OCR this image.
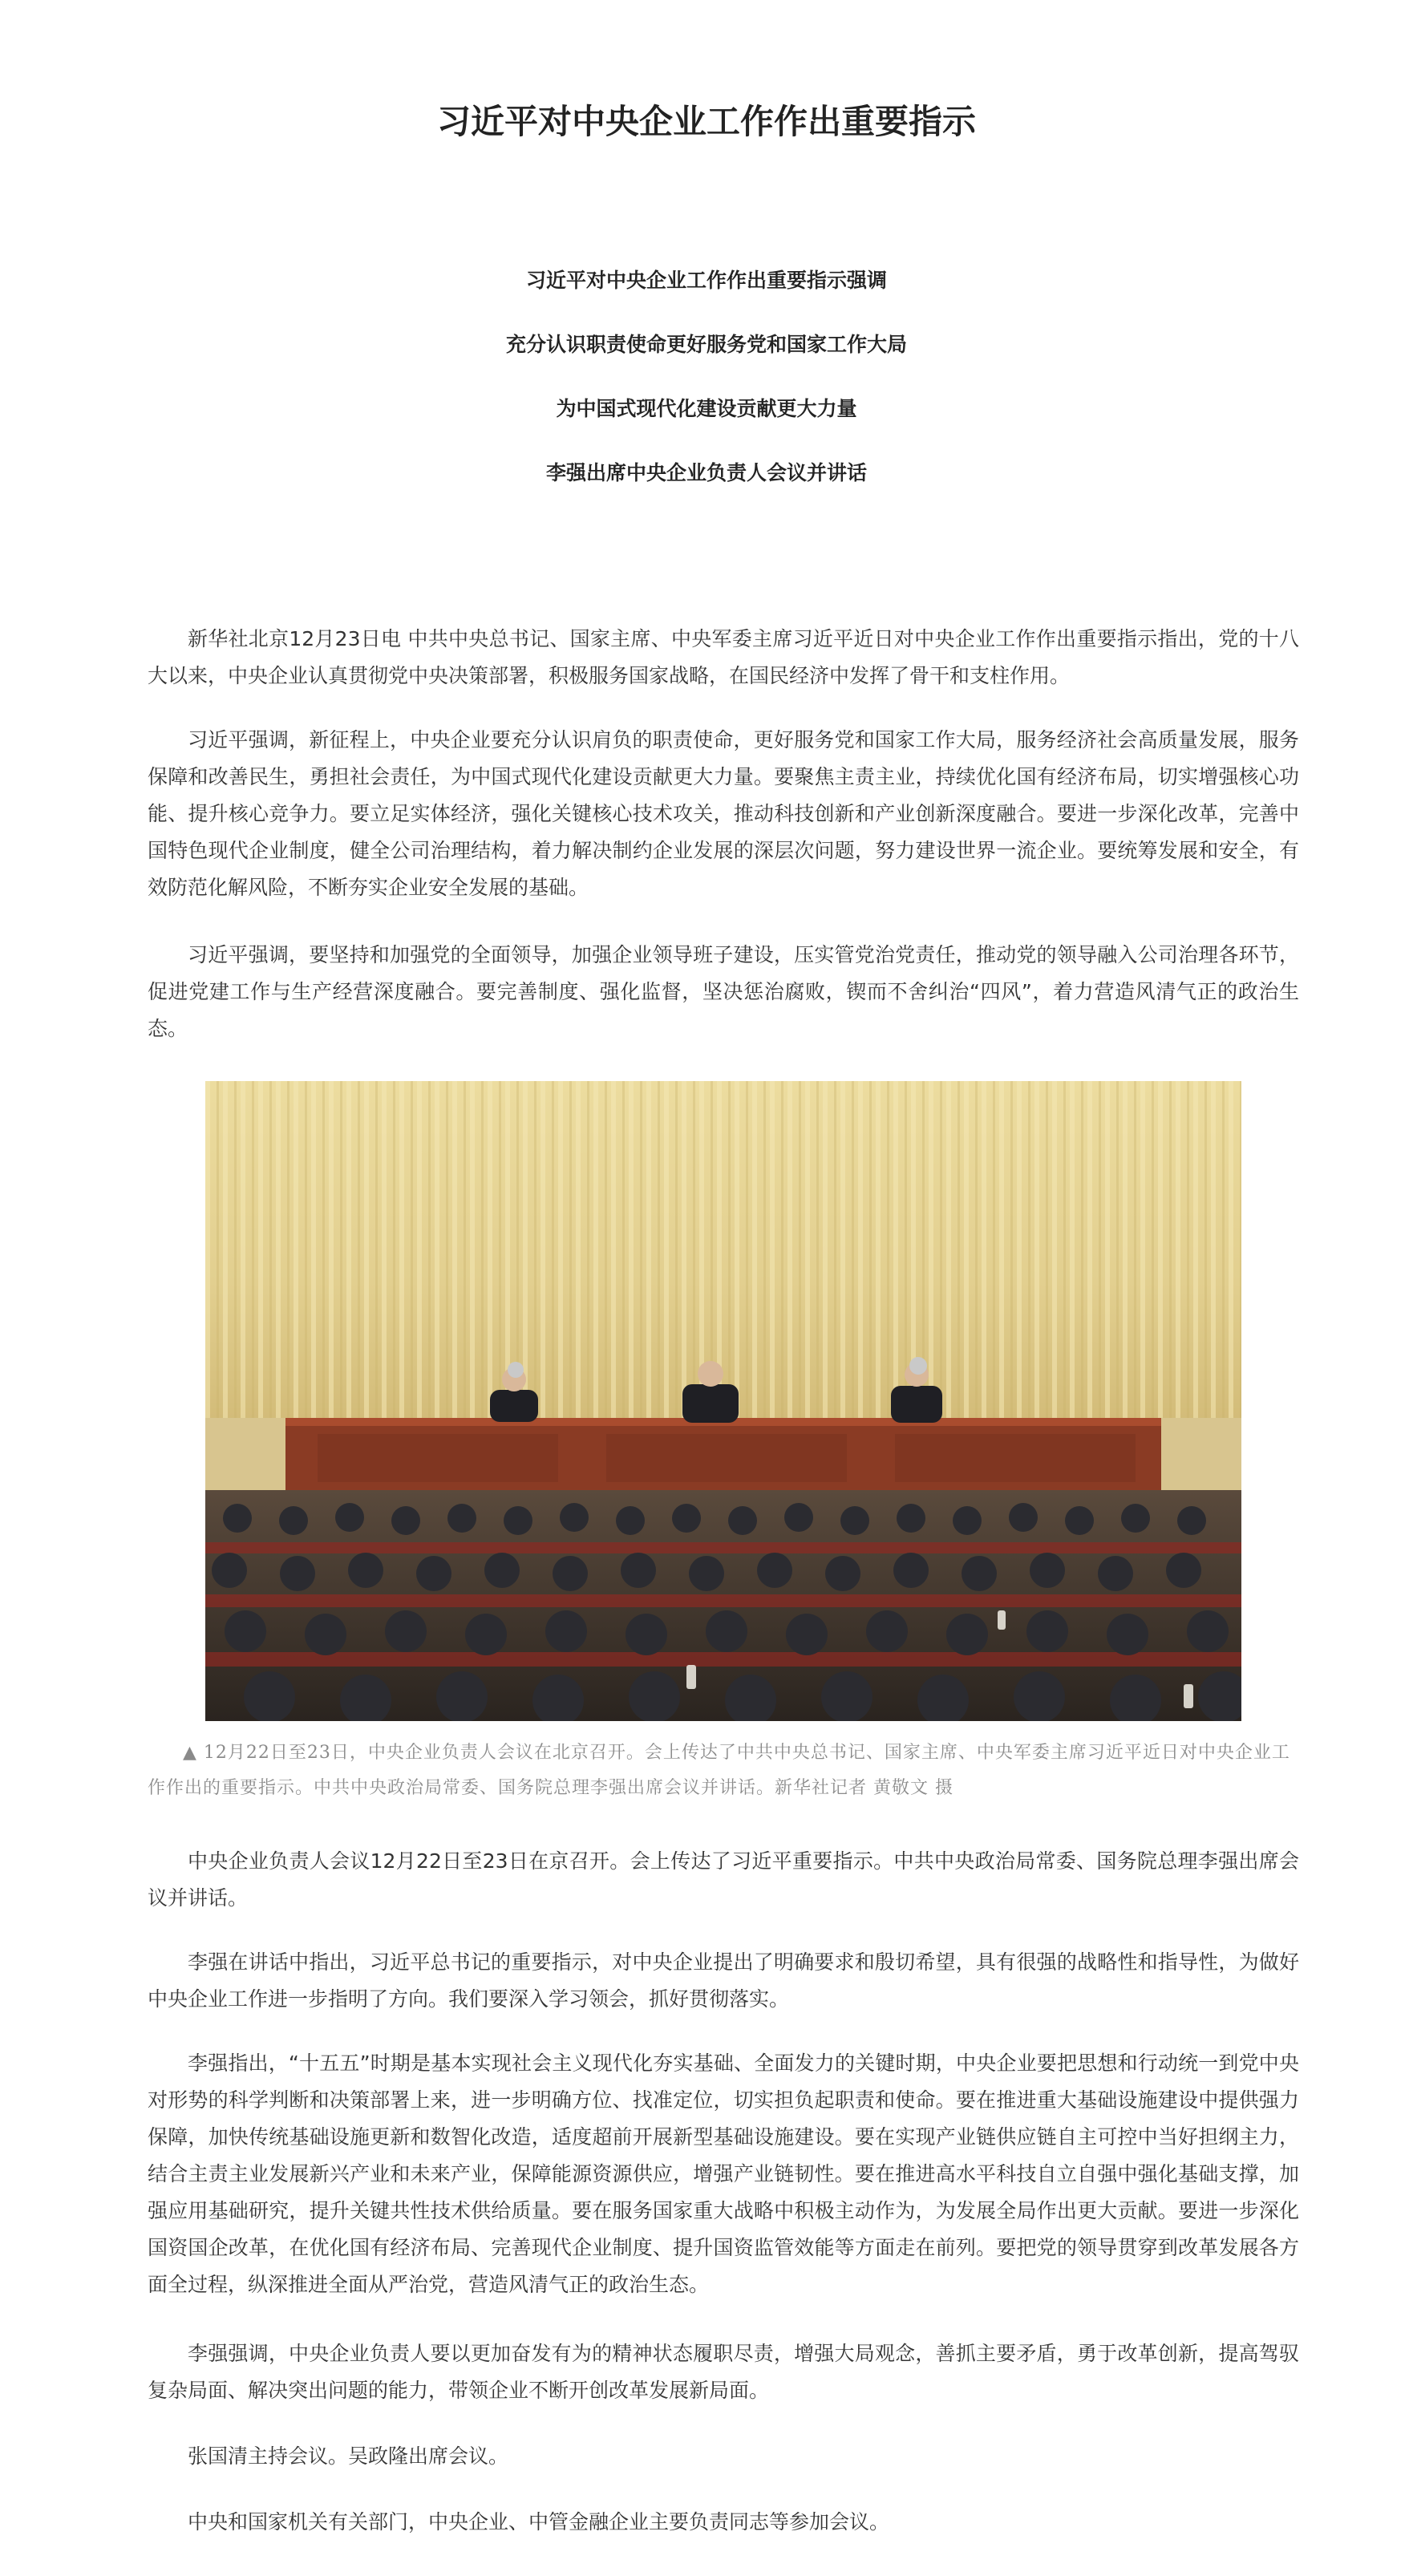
习近平对中央企业工作作出重要指示

习近平对中央企业工作作出重要指示强调

充分认识职责使命更好服务党和国家工作大局

为中国式现代化建设贡献更大力量

李强出席中央企业负责人会议并讲话

新华社北京12月23日电 中共中央总书记、国家主席、中央军委主席习近平近日对中央企业工作作出重要指示指出，党的十八大以来，中央企业认真贯彻党中央决策部署，积极服务国家战略，在国民经济中发挥了骨干和支柱作用。

习近平强调，新征程上，中央企业要充分认识肩负的职责使命，更好服务党和国家工作大局，服务经济社会高质量发展，服务保障和改善民生，勇担社会责任，为中国式现代化建设贡献更大力量。要聚焦主责主业，持续优化国有经济布局，切实增强核心功能、提升核心竞争力。要立足实体经济，强化关键核心技术攻关，推动科技创新和产业创新深度融合。要进一步深化改革，完善中国特色现代企业制度，健全公司治理结构，着力解决制约企业发展的深层次问题，努力建设世界一流企业。要统筹发展和安全，有效防范化解风险，不断夯实企业安全发展的基础。

习近平强调，要坚持和加强党的全面领导，加强企业领导班子建设，压实管党治党责任，推动党的领导融入公司治理各环节，促进党建工作与生产经营深度融合。要完善制度、强化监督，坚决惩治腐败，锲而不舍纠治“四风”，着力营造风清气正的政治生态。

▲ 12月22日至23日，中央企业负责人会议在北京召开。会上传达了中共中央总书记、国家主席、中央军委主席习近平近日对中央企业工作作出的重要指示。中共中央政治局常委、国务院总理李强出席会议并讲话。新华社记者 黄敬文 摄

中央企业负责人会议12月22日至23日在京召开。会上传达了习近平重要指示。中共中央政治局常委、国务院总理李强出席会议并讲话。

李强在讲话中指出，习近平总书记的重要指示，对中央企业提出了明确要求和殷切希望，具有很强的战略性和指导性，为做好中央企业工作进一步指明了方向。我们要深入学习领会，抓好贯彻落实。

李强指出，“十五五”时期是基本实现社会主义现代化夯实基础、全面发力的关键时期，中央企业要把思想和行动统一到党中央对形势的科学判断和决策部署上来，进一步明确方位、找准定位，切实担负起职责和使命。要在推进重大基础设施建设中提供强力保障，加快传统基础设施更新和数智化改造，适度超前开展新型基础设施建设。要在实现产业链供应链自主可控中当好担纲主力，结合主责主业发展新兴产业和未来产业，保障能源资源供应，增强产业链韧性。要在推进高水平科技自立自强中强化基础支撑，加强应用基础研究，提升关键共性技术供给质量。要在服务国家重大战略中积极主动作为，为发展全局作出更大贡献。要进一步深化国资国企改革，在优化国有经济布局、完善现代企业制度、提升国资监管效能等方面走在前列。要把党的领导贯穿到改革发展各方面全过程，纵深推进全面从严治党，营造风清气正的政治生态。

李强强调，中央企业负责人要以更加奋发有为的精神状态履职尽责，增强大局观念，善抓主要矛盾，勇于改革创新，提高驾驭复杂局面、解决突出问题的能力，带领企业不断开创改革发展新局面。

张国清主持会议。吴政隆出席会议。

中央和国家机关有关部门，中央企业、中管金融企业主要负责同志等参加会议。
